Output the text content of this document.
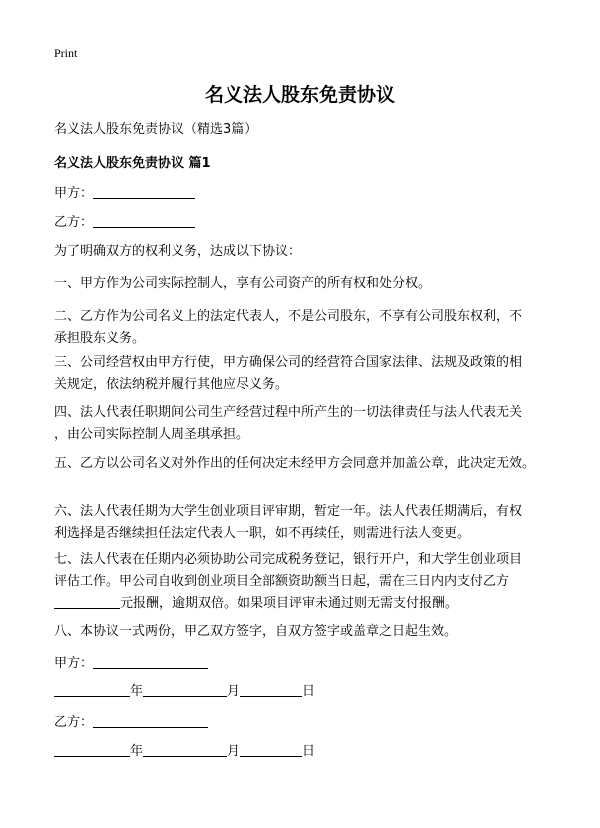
Print
名义法人股东免责协议
名义法人股东免责协议（精选3篇）
名义法人股东免责协议 篇1
甲方：
乙方：
为了明确双方的权利义务，达成以下协议：
一、甲方作为公司实际控制人，享有公司资产的所有权和处分权。
二、乙方作为公司名义上的法定代表人，不是公司股东，不享有公司股东权利，不
承担股东义务。
三、公司经营权由甲方行使，甲方确保公司的经营符合国家法律、法规及政策的相
关规定，依法纳税并履行其他应尽义务。
四、法人代表任职期间公司生产经营过程中所产生的一切法律责任与法人代表无关
，由公司实际控制人周圣琪承担。
五、乙方以公司名义对外作出的任何决定未经甲方会同意并加盖公章，此决定无效。
六、法人代表任期为大学生创业项目评审期，暂定一年。法人代表任期满后，有权
利选择是否继续担任法定代表人一职，如不再续任，则需进行法人变更。
七、法人代表在任期内必须协助公司完成税务登记，银行开户，和大学生创业项目
评估工作。甲公司自收到创业项目全部额资助额当日起，需在三日内内支付乙方
元报酬，逾期双倍。如果项目评审未通过则无需支付报酬。
八、本协议一式两份，甲乙双方签字，自双方签字或盖章之日起生效。
甲方：
年	月	日
乙方：
年	月	日
